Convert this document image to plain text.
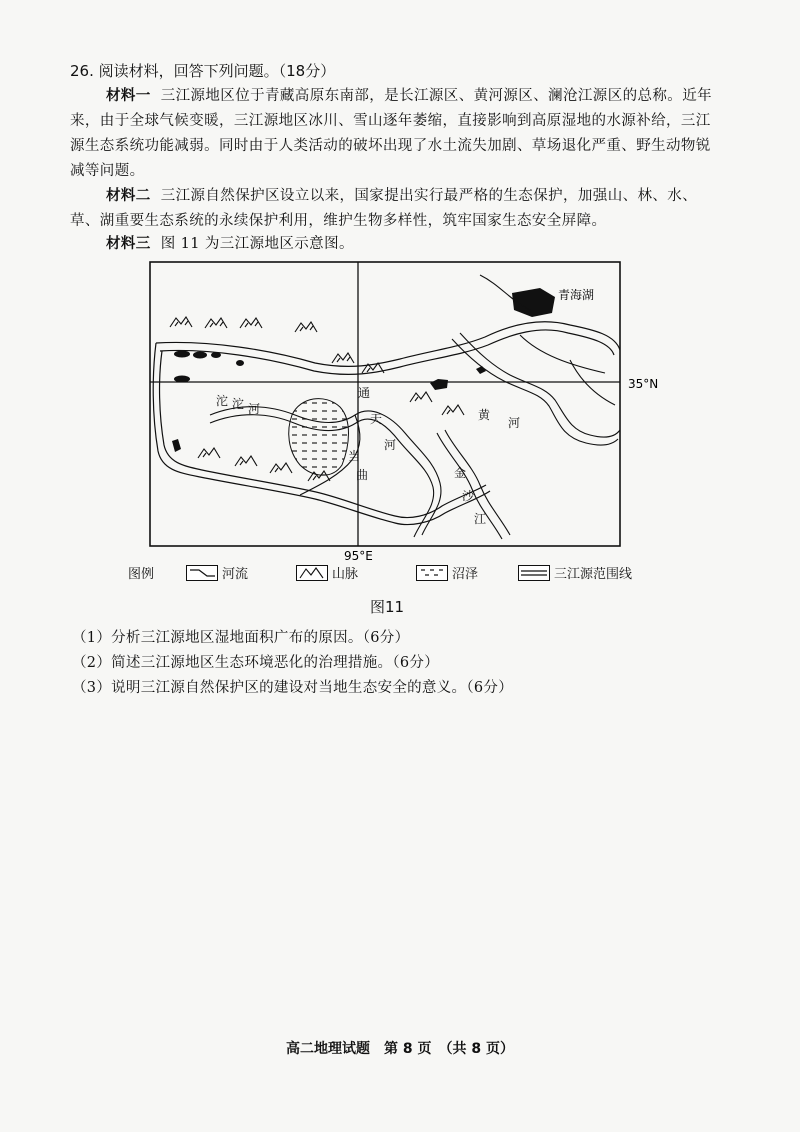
26. 阅读材料，回答下列问题。（18分）
材料一 三江源地区位于青藏高原东南部，是长江源区、黄河源区、澜沧江源区的总称。近年来，由于全球气候变暖，三江源地区冰川、雪山逐年萎缩，直接影响到高原湿地的水源补给，三江源生态系统功能减弱。同时由于人类活动的破坏出现了水土流失加剧、草场退化严重、野生动物锐减等问题。
材料二 三江源自然保护区设立以来，国家提出实行最严格的生态保护，加强山、林、水、草、湖重要生态系统的永续保护利用，维护生物多样性，筑牢国家生态安全屏障。
材料三 图 11 为三江源地区示意图。
青海湖
沱 沱 河
通
天
河
当
曲
黄
河
金
沙
江
35°N
95°E
图例	河流	山脉	沼泽	三江源范围线
图11
（1）分析三江源地区湿地面积广布的原因。（6分）
（2）简述三江源地区生态环境恶化的治理措施。（6分）
（3）说明三江源自然保护区的建设对当地生态安全的意义。（6分）
高二地理试题　第 8 页　（共 8 页）
